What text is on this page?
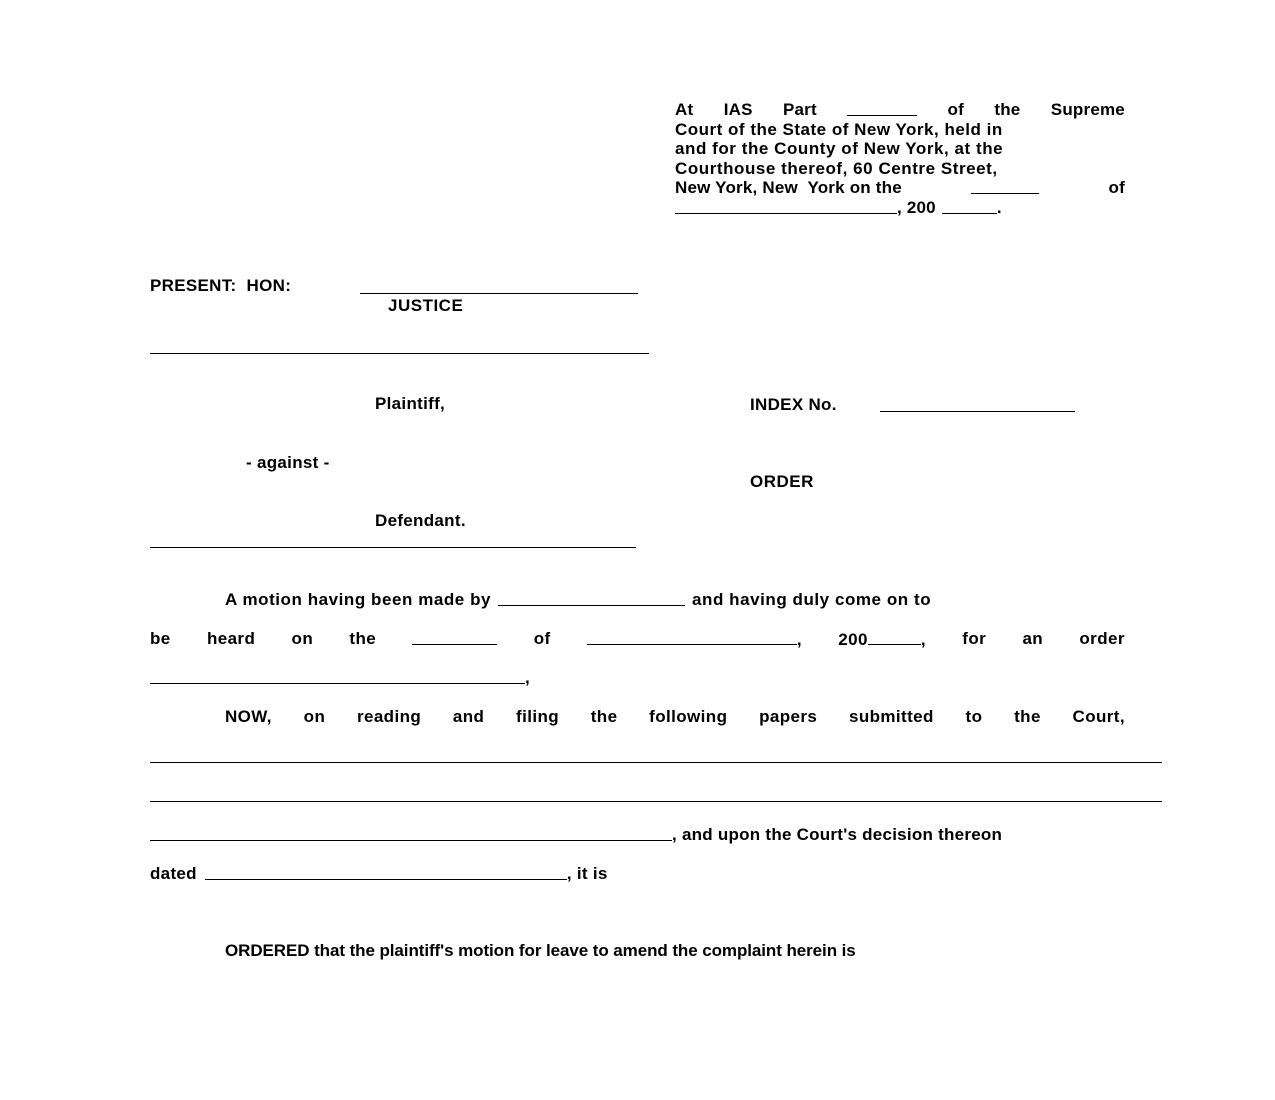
At IAS Part	of the Supreme
Court of the State of New York, held in
and for the County of New York, at the
Courthouse thereof, 60 Centre Street,
New York, New  York on the	of
, 200	.
PRESENT:  HON:
JUSTICE
Plaintiff,
- against -
Defendant.
INDEX No.
ORDER
A motion having been made by	and having duly come on to
be heard on the	of	, 200	, for an order
,
NOW, on reading and filing the following papers submitted to the Court,
, and upon the Court's decision thereon
dated	, it is
ORDERED that the plaintiff's motion for leave to amend the complaint herein is
